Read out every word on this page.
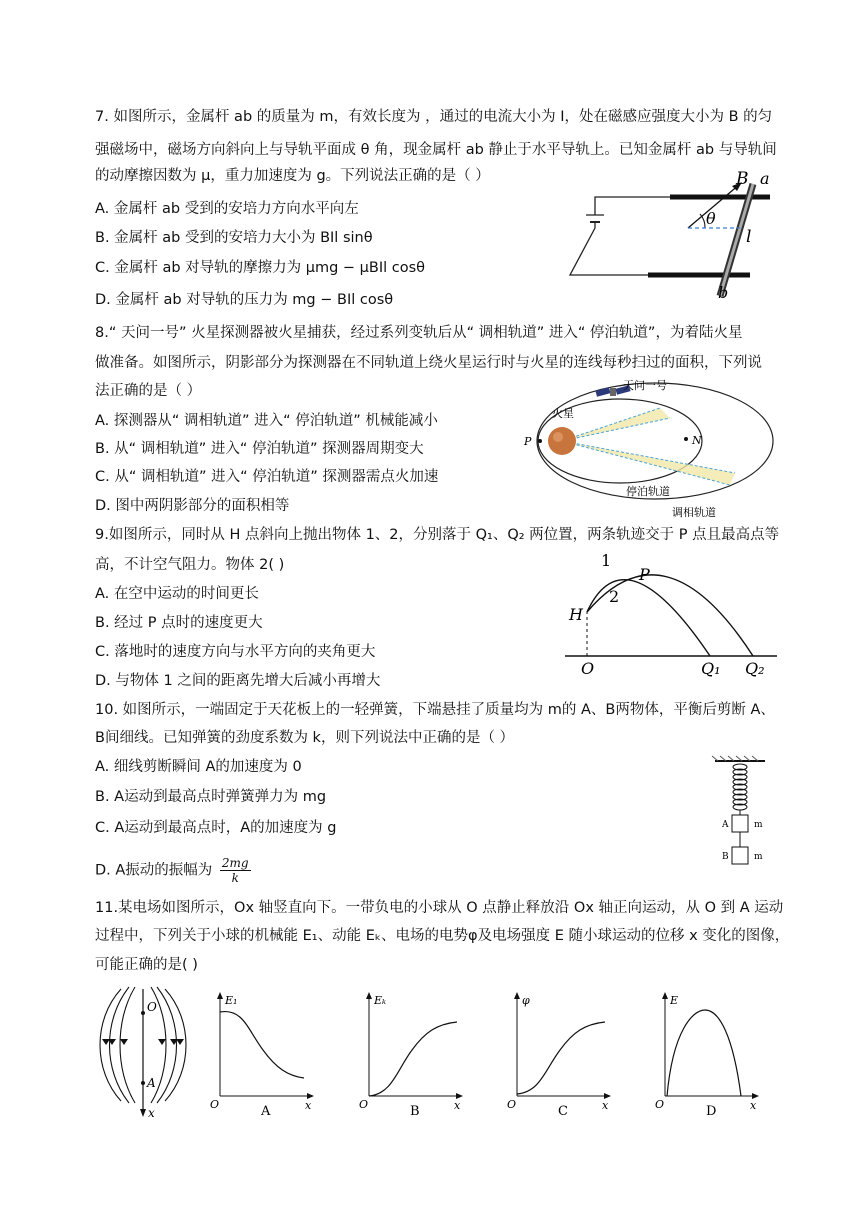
7. 如图所示，金属杆 ab 的质量为 m，有效长度为 ，通过的电流大小为 I，处在磁感应强度大小为 B 的匀
强磁场中，磁场方向斜向上与导轨平面成 θ 角，现金属杆 ab 静止于水平导轨上。已知金属杆 ab 与导轨间
的动摩擦因数为 μ，重力加速度为 g。下列说法正确的是（ ）
A. 金属杆 ab 受到的安培力方向水平向左
B. 金属杆 ab 受到的安培力大小为 BIl sinθ
C. 金属杆 ab 对导轨的摩擦力为 μmg − μBIl cosθ
D. 金属杆 ab 对导轨的压力为 mg − BIl cosθ
B a
θ
l
b
8.“ 天问一号” 火星探测器被火星捕获，经过系列变轨后从“ 调相轨道” 进入“ 停泊轨道”，为着陆火星
做准备。如图所示，阴影部分为探测器在不同轨道上绕火星运行时与火星的连线每秒扫过的面积，下列说
法正确的是（ ）
A. 探测器从“ 调相轨道” 进入“ 停泊轨道” 机械能减小
B. 从“ 调相轨道” 进入“ 停泊轨道” 探测器周期变大
C. 从“ 调相轨道” 进入“ 停泊轨道” 探测器需点火加速
D. 图中两阴影部分的面积相等
天问一号
火星
P	N
停泊轨道
调相轨道
9.如图所示，同时从 H 点斜向上抛出物体 1、2，分别落于 Q₁、Q₂ 两位置，两条轨迹交于 P 点且最高点等
高，不计空气阻力。物体 2( )
A. 在空中运动的时间更长
B. 经过 P 点时的速度更大
C. 落地时的速度方向与水平方向的夹角更大
D. 与物体 1 之间的距离先增大后减小再增大
1
2
P
H
O	Q₁ Q₂
10. 如图所示，一端固定于天花板上的一轻弹簧，下端悬挂了质量均为 m的 A、B两物体，平衡后剪断 A、
B间细线。已知弹簧的劲度系数为 k，则下列说法中正确的是（ ）
A. 细线剪断瞬间 A的加速度为 0
B. A运动到最高点时弹簧弹力为 mg
C. A运动到最高点时，A的加速度为 g
D. A振动的振幅为 $\frac{2mg}{k}$
A	m
B	m
11.某电场如图所示，Ox 轴竖直向下。一带负电的小球从 O 点静止释放沿 Ox 轴正向运动，从 O 到 A 运动
过程中，下列关于小球的机械能 E₁、动能 Eₖ、电场的电势φ及电场强度 E 随小球运动的位移 x 变化的图像，
可能正确的是( )
O
A
x
E₁
O	x
A
Eₖ
O	x
B
φ
O	x
C
E
O	x
D
